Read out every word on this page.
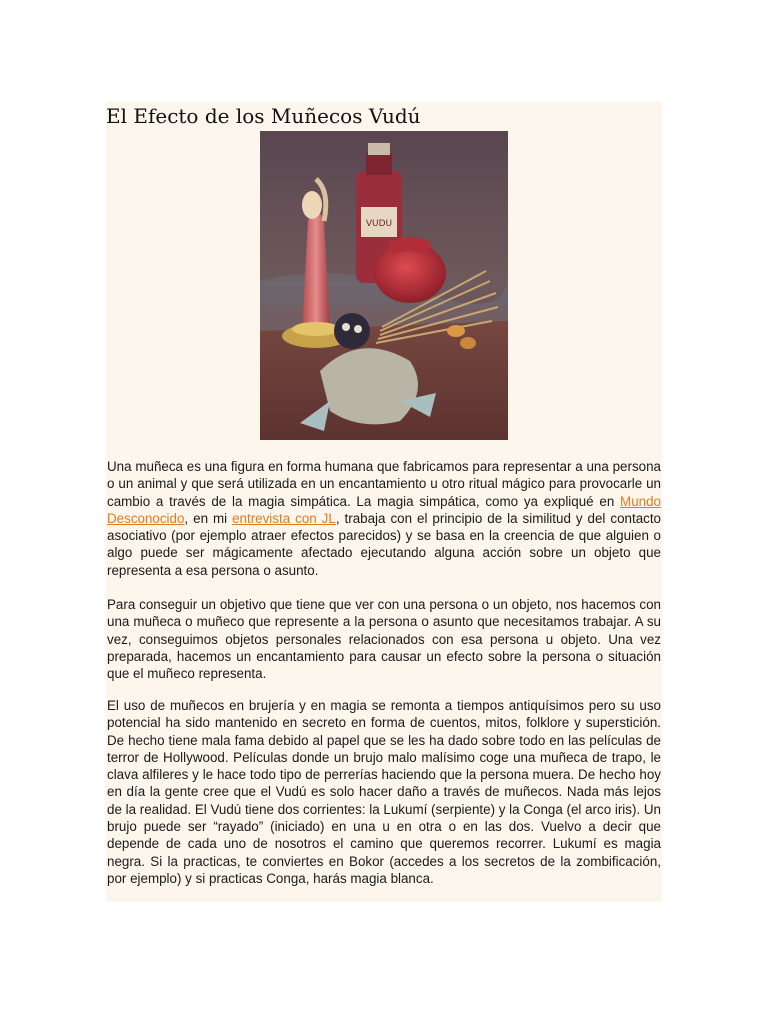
El Efecto de los Muñecos Vudú
VUDU

Una muñeca es una figura en forma humana que fabricamos para representar a una persona o un animal y que será utilizada en un encantamiento u otro ritual mágico para provocarle un cambio a través de la magia simpática. La magia simpática, como ya expliqué en Mundo Desconocido, en mi entrevista con JL, trabaja con el principio de la similitud y del contacto asociativo (por ejemplo atraer efectos parecidos) y se basa en la creencia de que alguien o algo puede ser mágicamente afectado ejecutando alguna acción sobre un objeto que representa a esa persona o asunto.

Para conseguir un objetivo que tiene que ver con una persona o un objeto, nos hacemos con una muñeca o muñeco que represente a la persona o asunto que necesitamos trabajar. A su vez, conseguimos objetos personales relacionados con esa persona u objeto. Una vez preparada, hacemos un encantamiento para causar un efecto sobre la persona o situación que el muñeco representa.

El uso de muñecos en brujería y en magia se remonta a tiempos antiquísimos pero su uso potencial ha sido mantenido en secreto en forma de cuentos, mitos, folklore y superstición. De hecho tiene mala fama debido al papel que se les ha dado sobre todo en las películas de terror de Hollywood. Películas donde un brujo malo malísimo coge una muñeca de trapo, le clava alfileres y le hace todo tipo de perrerías haciendo que la persona muera. De hecho hoy en día la gente cree que el Vudú es solo hacer daño a través de muñecos. Nada más lejos de la realidad. El Vudú tiene dos corrientes: la Lukumí (serpiente) y la Conga (el arco iris). Un brujo puede ser “rayado” (iniciado) en una u en otra o en las dos. Vuelvo a decir que depende de cada uno de nosotros el camino que queremos recorrer. Lukumí es magia negra. Si la practicas, te conviertes en Bokor (accedes a los secretos de la zombificación, por ejemplo) y si practicas Conga, harás magia blanca.
